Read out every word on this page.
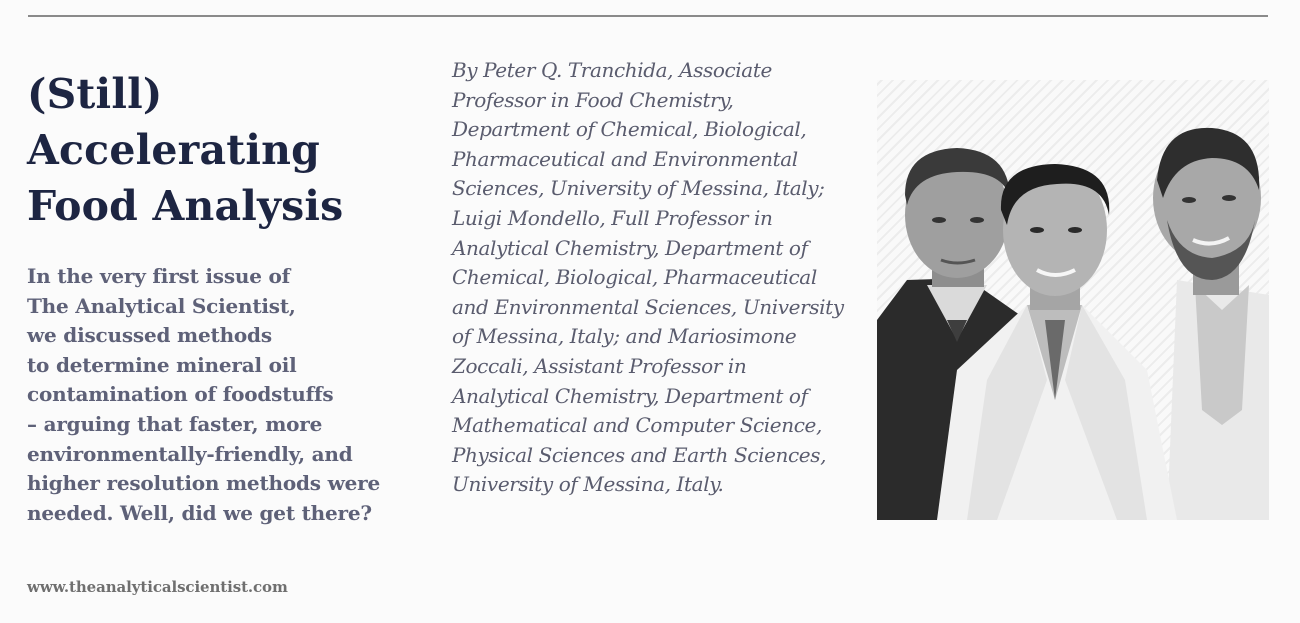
(Still)
Accelerating
Food Analysis

In the very first issue of
The Analytical Scientist,
we discussed methods
to determine mineral oil
contamination of foodstuffs
– arguing that faster, more
environmentally-friendly, and
higher resolution methods were
needed. Well, did we get there?

By Peter Q. Tranchida, Associate
Professor in Food Chemistry,
Department of Chemical, Biological,
Pharmaceutical and Environmental
Sciences, University of Messina, Italy;
Luigi Mondello, Full Professor in
Analytical Chemistry, Department of
Chemical, Biological, Pharmaceutical
and Environmental Sciences, University
of Messina, Italy; and Mariosimone
Zoccali, Assistant Professor in
Analytical Chemistry, Department of
Mathematical and Computer Science,
Physical Sciences and Earth Sciences,
University of Messina, Italy.

www.theanalyticalscientist.com
